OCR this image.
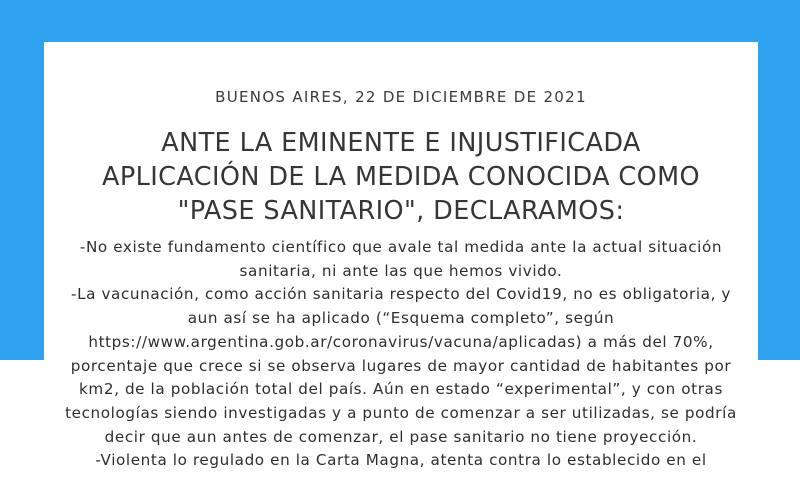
BUENOS AIRES, 22 DE DICIEMBRE DE 2021
ANTE LA EMINENTE E INJUSTIFICADA
APLICACIÓN DE LA MEDIDA CONOCIDA COMO
"PASE SANITARIO", DECLARAMOS:
-No existe fundamento científico que avale tal medida ante la actual situación
sanitaria, ni ante las que hemos vivido.
-La vacunación, como acción sanitaria respecto del Covid19, no es obligatoria, y
aun así se ha aplicado (“Esquema completo”, según
https://www.argentina.gob.ar/coronavirus/vacuna/aplicadas) a más del 70%,
porcentaje que crece si se observa lugares de mayor cantidad de habitantes por
km2, de la población total del país. Aún en estado “experimental”, y con otras
tecnologías siendo investigadas y a punto de comenzar a ser utilizadas, se podría
decir que aun antes de comenzar, el pase sanitario no tiene proyección.
-Violenta lo regulado en la Carta Magna, atenta contra lo establecido en el
